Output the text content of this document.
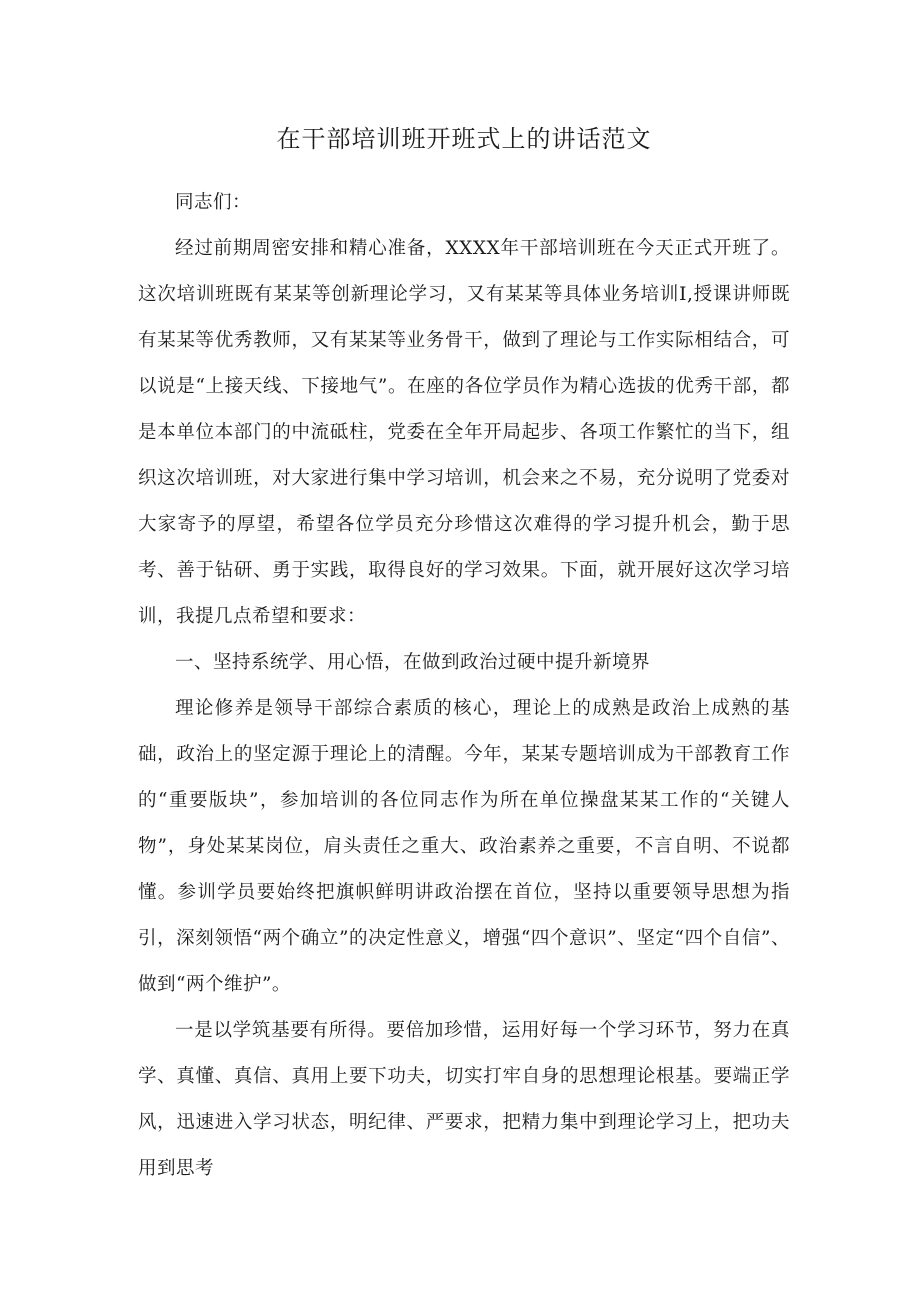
在干部培训班开班式上的讲话范文

同志们：

经过前期周密安排和精心准备，XXXX年干部培训班在今天正式开班了。这次培训班既有某某等创新理论学习，又有某某等具体业务培训I,授课讲师既有某某等优秀教师，又有某某等业务骨干，做到了理论与工作实际相结合，可以说是“上接天线、下接地气”。在座的各位学员作为精心选拔的优秀干部，都是本单位本部门的中流砥柱，党委在全年开局起步、各项工作繁忙的当下，组织这次培训班，对大家进行集中学习培训，机会来之不易，充分说明了党委对大家寄予的厚望，希望各位学员充分珍惜这次难得的学习提升机会，勤于思考、善于钻研、勇于实践，取得良好的学习效果。下面，就开展好这次学习培训，我提几点希望和要求：

一、坚持系统学、用心悟，在做到政治过硬中提升新境界

理论修养是领导干部综合素质的核心，理论上的成熟是政治上成熟的基础，政治上的坚定源于理论上的清醒。今年，某某专题培训成为干部教育工作的“重要版块”，参加培训的各位同志作为所在单位操盘某某工作的“关键人物”，身处某某岗位，肩头责任之重大、政治素养之重要，不言自明、不说都懂。参训学员要始终把旗帜鲜明讲政治摆在首位，坚持以重要领导思想为指引，深刻领悟“两个确立”的决定性意义，增强“四个意识”、坚定“四个自信”、做到“两个维护”。

一是以学筑基要有所得。要倍加珍惜，运用好每一个学习环节，努力在真学、真懂、真信、真用上要下功夫，切实打牢自身的思想理论根基。要端正学风，迅速进入学习状态，明纪律、严要求，把精力集中到理论学习上，把功夫用到思考
